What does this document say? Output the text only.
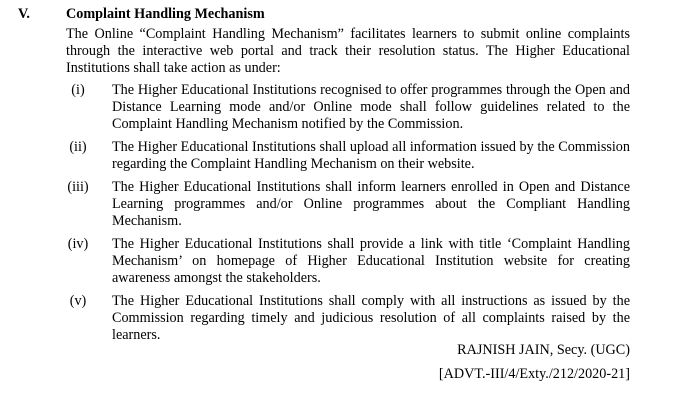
V.	Complaint Handling Mechanism
The Online “Complaint Handling Mechanism” facilitates learners to submit online complaints through the interactive web portal and track their resolution status. The Higher Educational Institutions shall take action as under:
(i)	The Higher Educational Institutions recognised to offer programmes through the Open and Distance Learning mode and/or Online mode shall follow guidelines related to the Complaint Handling Mechanism notified by the Commission.
(ii)	The Higher Educational Institutions shall upload all information issued by the Commission regarding the Complaint Handling Mechanism on their website.
(iii)	The Higher Educational Institutions shall inform learners enrolled in Open and Distance Learning programmes and/or Online programmes about the Compliant Handling Mechanism.
(iv)	The Higher Educational Institutions shall provide a link with title ‘Complaint Handling Mechanism’ on homepage of Higher Educational Institution website for creating awareness amongst the stakeholders.
(v)	The Higher Educational Institutions shall comply with all instructions as issued by the Commission regarding timely and judicious resolution of all complaints raised by the learners.
RAJNISH JAIN, Secy. (UGC)
[ADVT.-III/4/Exty./212/2020-21]
